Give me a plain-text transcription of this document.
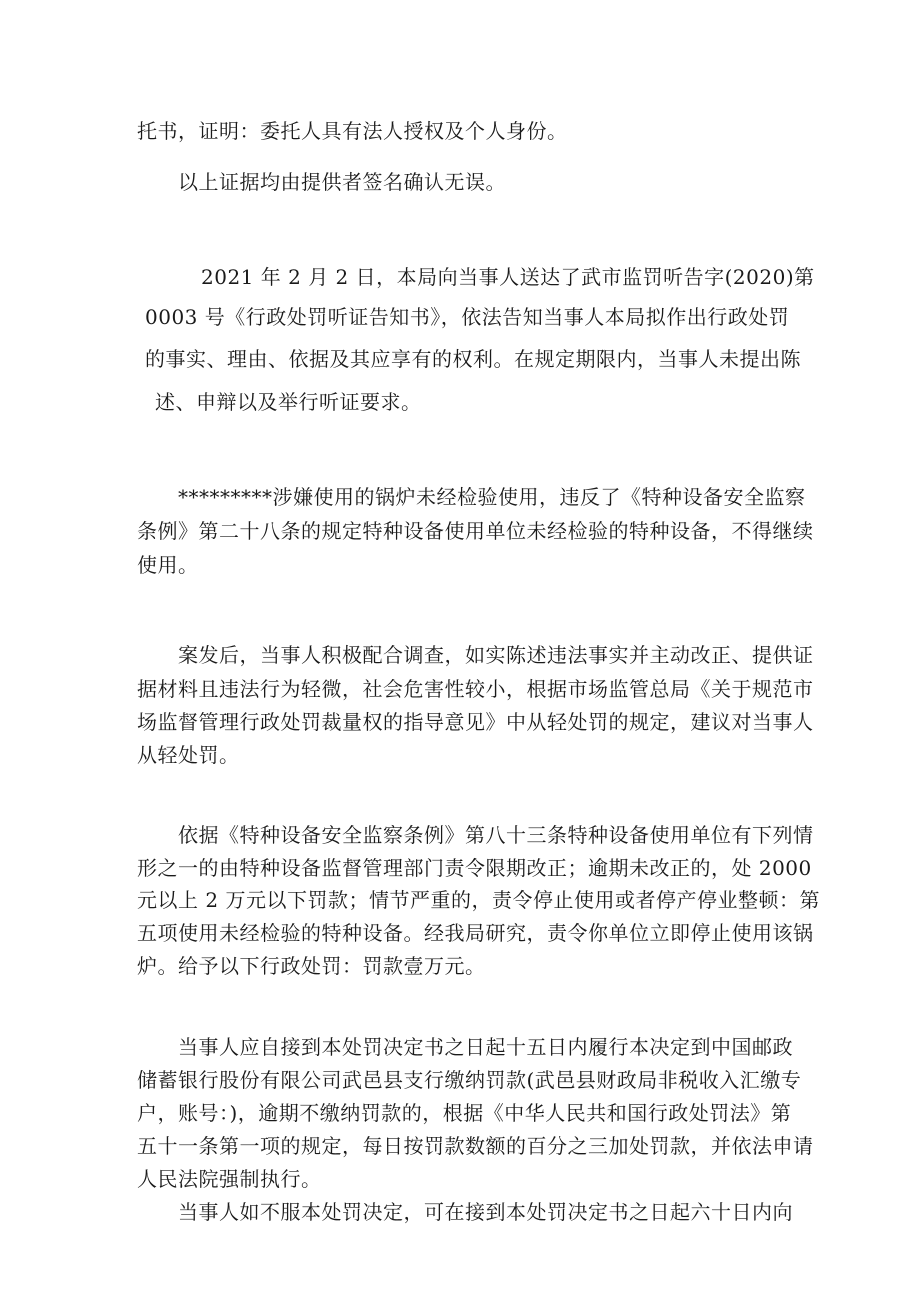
托书，证明：委托人具有法人授权及个人身份。
以上证据均由提供者签名确认无误。
2021 年 2 月 2 日，本局向当事人送达了武市监罚听告字(2020)第
0003 号《行政处罚听证告知书》，依法告知当事人本局拟作出行政处罚
的事实、理由、依据及其应享有的权利。在规定期限内，当事人未提出陈
述、申辩以及举行听证要求。
*********涉嫌使用的锅炉未经检验使用，违反了《特种设备安全监察
条例》第二十八条的规定特种设备使用单位未经检验的特种设备，不得继续
使用。
案发后，当事人积极配合调查，如实陈述违法事实并主动改正、提供证
据材料且违法行为轻微，社会危害性较小，根据市场监管总局《关于规范市
场监督管理行政处罚裁量权的指导意见》中从轻处罚的规定，建议对当事人
从轻处罚。
依据《特种设备安全监察条例》第八十三条特种设备使用单位有下列情
形之一的由特种设备监督管理部门责令限期改正；逾期未改正的，处 2000
元以上 2 万元以下罚款；情节严重的，责令停止使用或者停产停业整顿：第
五项使用未经检验的特种设备。经我局研究，责令你单位立即停止使用该锅
炉。给予以下行政处罚：罚款壹万元。
当事人应自接到本处罚决定书之日起十五日内履行本决定到中国邮政
储蓄银行股份有限公司武邑县支行缴纳罚款(武邑县财政局非税收入汇缴专
户，账号：)，逾期不缴纳罚款的，根据《中华人民共和国行政处罚法》第
五十一条第一项的规定，每日按罚款数额的百分之三加处罚款，并依法申请
人民法院强制执行。
当事人如不服本处罚决定，可在接到本处罚决定书之日起六十日内向
